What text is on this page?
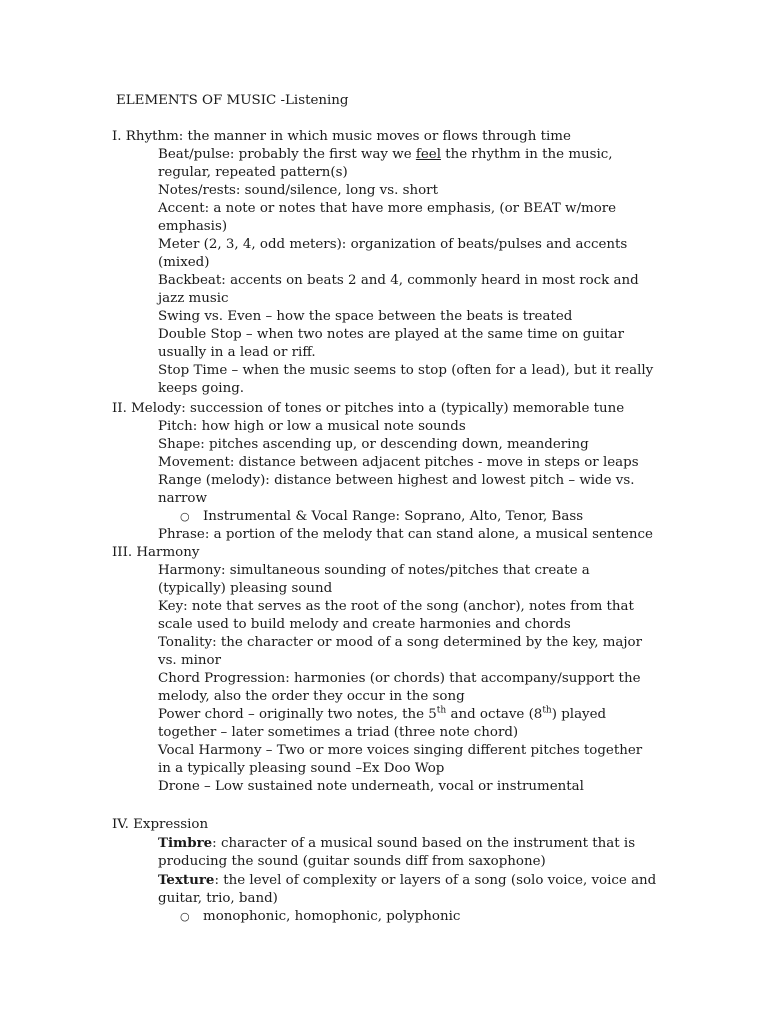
ELEMENTS OF MUSIC -Listening
I. Rhythm: the manner in which music moves or flows through time
Beat/pulse: probably the first way we feel the rhythm in the music, regular, repeated pattern(s)
Notes/rests: sound/silence, long vs. short
Accent: a note or notes that have more emphasis, (or BEAT w/more emphasis)
Meter (2, 3, 4, odd meters): organization of beats/pulses and accents (mixed)
Backbeat: accents on beats 2 and 4, commonly heard in most rock and jazz music
Swing vs. Even – how the space between the beats is treated
Double Stop – when two notes are played at the same time on guitar usually in a lead or riff.
Stop Time – when the music seems to stop (often for a lead), but it really keeps going.
II. Melody: succession of tones or pitches into a (typically) memorable tune
Pitch: how high or low a musical note sounds
Shape: pitches ascending up, or descending down, meandering
Movement: distance between adjacent pitches - move in steps or leaps
Range (melody): distance between highest and lowest pitch – wide vs. narrow
○ Instrumental & Vocal Range: Soprano, Alto, Tenor, Bass
Phrase: a portion of the melody that can stand alone, a musical sentence
III. Harmony
Harmony: simultaneous sounding of notes/pitches that create a (typically) pleasing sound
Key: note that serves as the root of the song (anchor), notes from that scale used to build melody and create harmonies and chords
Tonality: the character or mood of a song determined by the key, major vs. minor
Chord Progression: harmonies (or chords) that accompany/support the melody, also the order they occur in the song
Power chord – originally two notes, the 5th and octave (8th) played together – later sometimes a triad (three note chord)
Vocal Harmony – Two or more voices singing different pitches together in a typically pleasing sound –Ex Doo Wop
Drone – Low sustained note underneath, vocal or instrumental
IV. Expression
Timbre: character of a musical sound based on the instrument that is producing the sound (guitar sounds diff from saxophone)
Texture: the level of complexity or layers of a song (solo voice, voice and guitar, trio, band)
○ monophonic, homophonic, polyphonic
